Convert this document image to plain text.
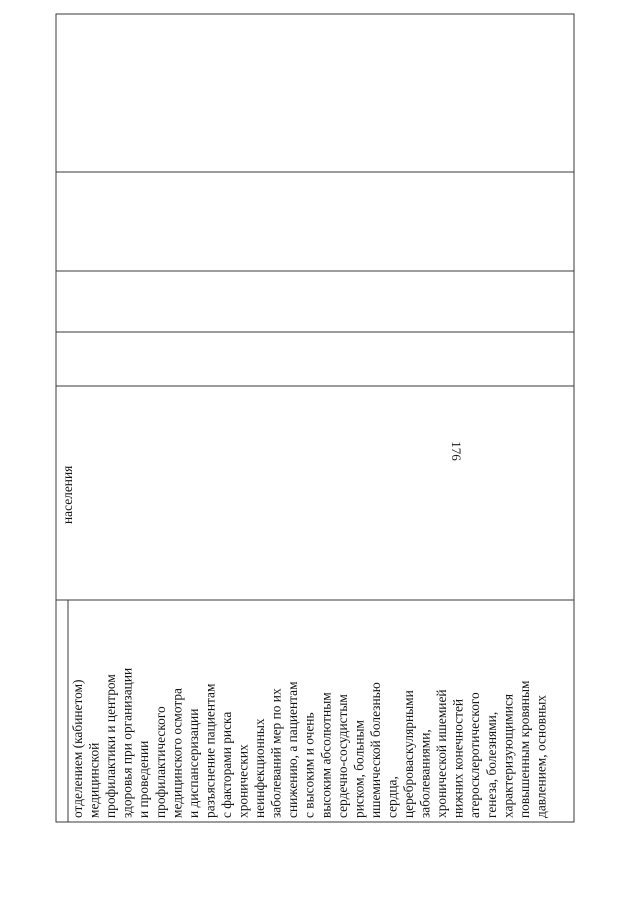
176
населения
отделением (кабинетом) медицинской профилактики и центром здоровья при организации и проведении профилактического медицинского осмотра и диспансеризации разъяснение пациентам с факторами риска хронических неинфекционных заболеваний мер по их снижению, а пациентам с высоким и очень высоким абсолютным сердечно-сосудистым риском, больным ишемической болезнью сердца, цереброваскулярными заболеваниями, хронической ишемией нижних конечностей атеросклеротического генеза, болезнями, характеризующимися повышенным кровяным давлением, основных
